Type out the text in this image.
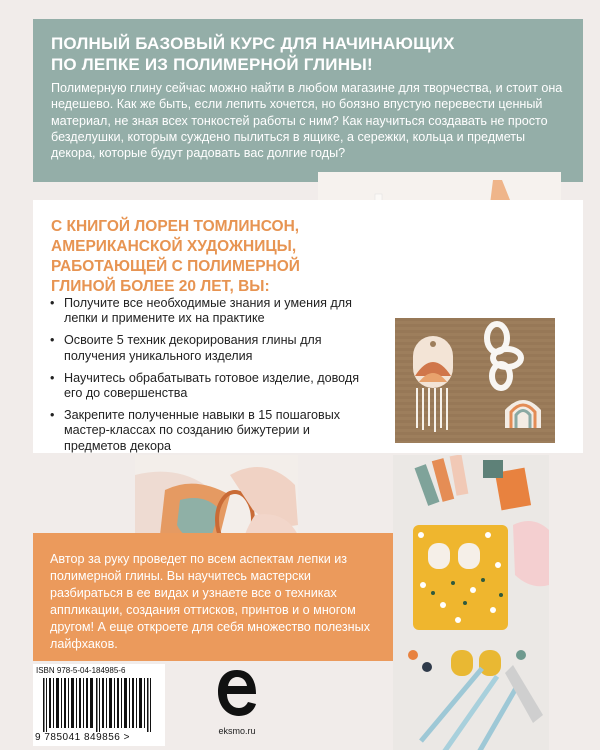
ПОЛНЫЙ БАЗОВЫЙ КУРС ДЛЯ НАЧИНАЮЩИХ
ПО ЛЕПКЕ ИЗ ПОЛИМЕРНОЙ ГЛИНЫ!

Полимерную глину сейчас можно найти в любом магазине для творчества, и стоит она недешево. Как же быть, если лепить хочется, но боязно впустую перевести ценный материал, не зная всех тонкостей работы с ним? Как научиться создавать не просто безделушки, которым суждено пылиться в ящике, а сережки, кольца и предметы декора, которые будут радовать вас долгие годы?

С КНИГОЙ ЛОРЕН ТОМЛИНСОН,
АМЕРИКАНСКОЙ ХУДОЖНИЦЫ,
РАБОТАЮЩЕЙ С ПОЛИМЕРНОЙ
ГЛИНОЙ БОЛЕЕ 20 ЛЕТ, ВЫ:
• Получите все необходимые знания и умения для лепки и примените их на практике
• Освоите 5 техник декорирования глины для получения уникального изделия
• Научитесь обрабатывать готовое изделие, доводя его до совершенства
• Закрепите полученные навыки в 15 пошаговых мастер-классах по созданию бижутерии и предметов декора

Автор за руку проведет по всем аспектам лепки из полимерной глины. Вы научитесь мастерски разбираться в ее видах и узнаете все о техниках аппликации, создания оттисков, принтов и о многом другом! А еще откроете для себя множество полезных лайфхаков.

ISBN 978-5-04-184985-6
9 785041 849856 >
eksmo.ru
